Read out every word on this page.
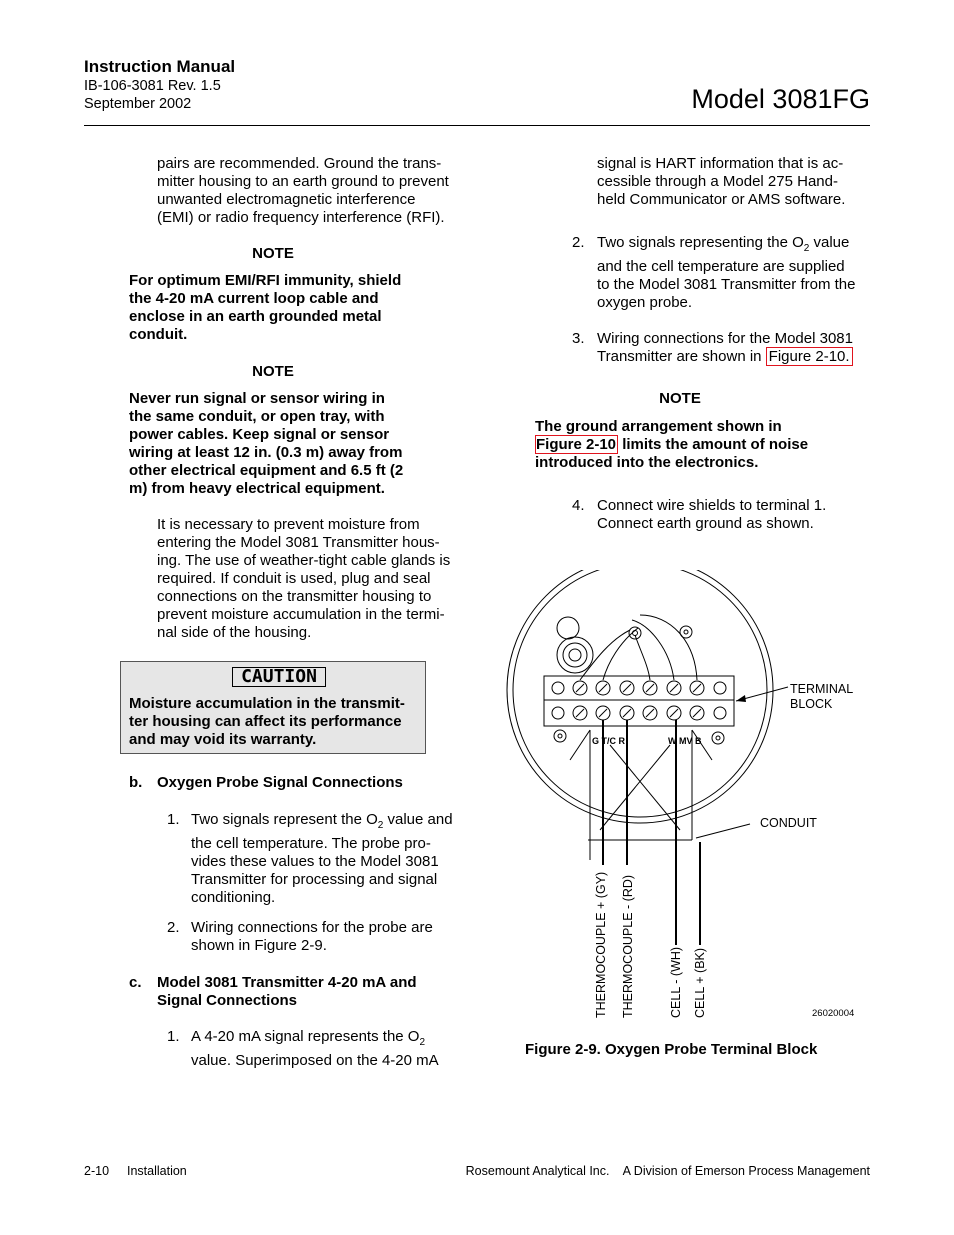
Instruction Manual
IB-106-3081 Rev. 1.5
September 2002	Model 3081FG
pairs are recommended. Ground the trans-
mitter housing to an earth ground to prevent
unwanted electromagnetic interference
(EMI) or radio frequency interference (RFI).
NOTE
For optimum EMI/RFI immunity, shield
the 4-20 mA current loop cable and
enclose in an earth grounded metal
conduit.
NOTE
Never run signal or sensor wiring in
the same conduit, or open tray, with
power cables. Keep signal or sensor
wiring at least 12 in. (0.3 m) away from
other electrical equipment and 6.5 ft (2
m) from heavy electrical equipment.
It is necessary to prevent moisture from
entering the Model 3081 Transmitter hous-
ing. The use of weather-tight cable glands is
required. If conduit is used, plug and seal
connections on the transmitter housing to
prevent moisture accumulation in the termi-
nal side of the housing.
CAUTION
Moisture accumulation in the transmit-
ter housing can affect its performance
and may void its warranty.
b. Oxygen Probe Signal Connections
1. Two signals represent the $O_2$ value and
the cell temperature. The probe pro-
vides these values to the Model 3081
Transmitter for processing and signal
conditioning.
2. Wiring connections for the probe are
shown in Figure 2-9.
c. Model 3081 Transmitter 4-20 mA and
Signal Connections
1. A 4-20 mA signal represents the $O_2$
value. Superimposed on the 4-20 mA
signal is HART information that is ac-
cessible through a Model 275 Hand-
held Communicator or AMS software.
2. Two signals representing the $O_2$ value
and the cell temperature are supplied
to the Model 3081 Transmitter from the
oxygen probe.
3. Wiring connections for the Model 3081
Transmitter are shown in Figure 2-10.
NOTE
The ground arrangement shown in
Figure 2-10 limits the amount of noise
introduced into the electronics.
4. Connect wire shields to terminal 1.
Connect earth ground as shown.
G T/C R	W MV B
TERMINAL
BLOCK
CONDUIT
THERMOCOUPLE + (GY) THERMOCOUPLE - (RD)	CELL - (WH) CELL + (BK)	26020004
Figure 2-9. Oxygen Probe Terminal Block
2-10 Installation	Rosemount Analytical Inc.    A Division of Emerson Process Management
